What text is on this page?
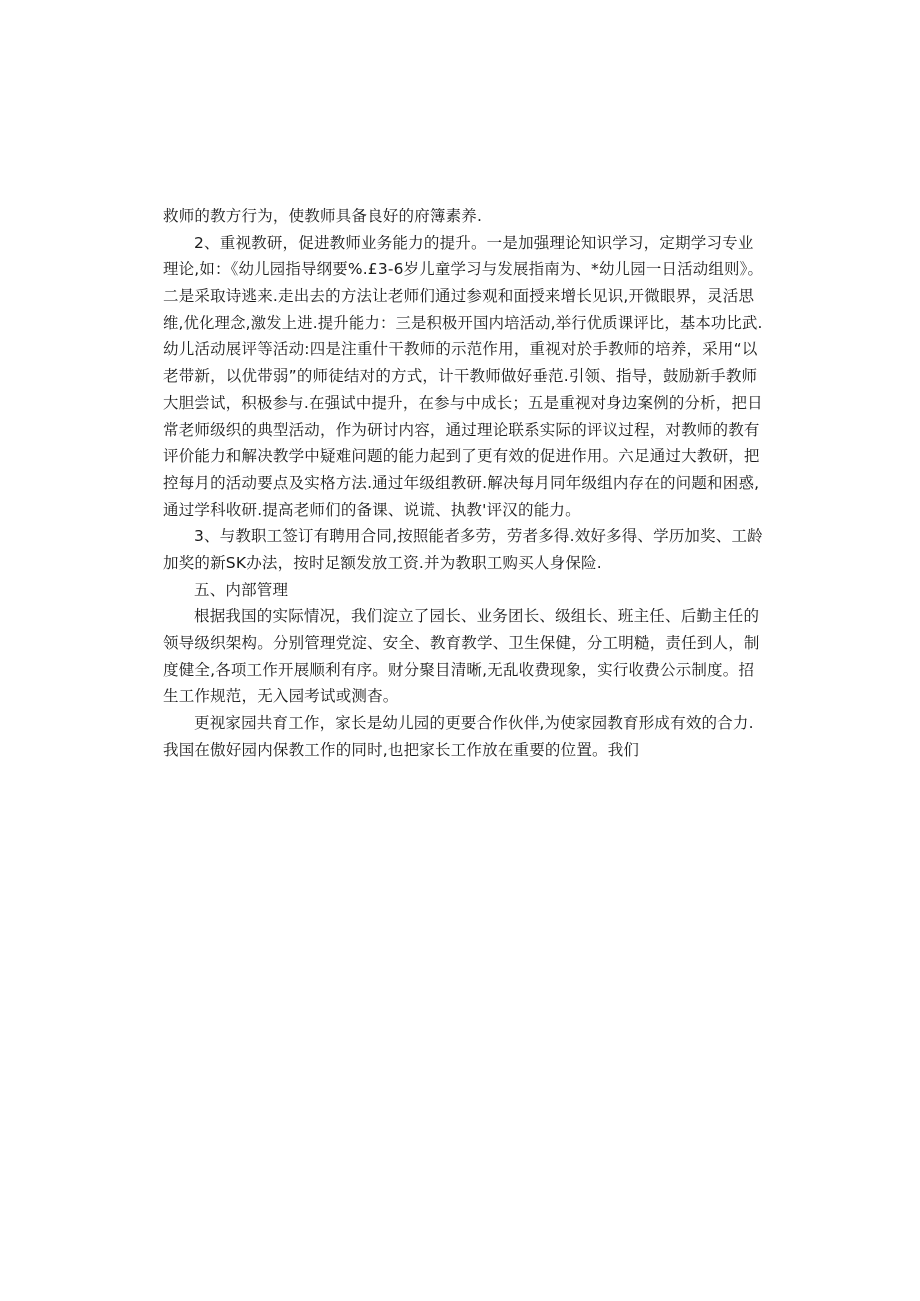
救师的教方行为，使教师具备良好的府簿素养.
2、重视教研，促进教师业务能力的提升。一是加强理论知识学习，定期学习专业
理论,如：《幼儿园指导纲要%.£3-6岁儿童学习与发展指南为、*幼儿园一日活动组则》。
二是采取诗逃来.走出去的方法让老师们通过参观和面授来增长见识,开微眼界，灵活思
维,优化理念,激发上进.提升能力：三是积极开国内培活动,举行优质课评比，基本功比武.
幼儿活动展评等活动:四是注重什干教师的示范作用，重视对於手教师的培养，采用“以
老带新，以优带弱”的师徒结对的方式，计干教师做好垂范.引领、指导，鼓励新手教师
大胆尝试，积极参与.在强试中提升，在参与中成长；五是重视对身边案例的分析，把日
常老师级织的典型活动，作为研讨内容，通过理论联系实际的评议过程，对教师的教有
评价能力和解决教学中疑难问题的能力起到了更有效的促进作用。六足通过大教研，把
控每月的活动要点及实格方法.通过年级组教研.解决每月同年级组内存在的问题和困惑,
通过学科收研.提高老师们的备课、说谎、执教'评汉的能力。
3、与教职工签订有聘用合同,按照能者多劳，劳者多得.效好多得、学历加奖、工龄
加奖的新SK办法，按时足额发放工资.并为教职工购买人身保险.
五、内部管理
根据我国的实际情况，我们淀立了园长、业务团长、级组长、班主任、后勤主任的
领导级织架构。分别管理党淀、安全、教育教学、卫生保健，分工明糙，责任到人，制
度健全,各项工作开展顺利有序。财分聚目清晰,无乱收费现象，实行收费公示制度。招
生工作规范，无入园考试或测杳。
更视家园共育工作，家长是幼儿园的更要合作伙伴,为使家园教育形成有效的合力.
我国在傲好园内保教工作的同时,也把家长工作放在重要的位置。我们
